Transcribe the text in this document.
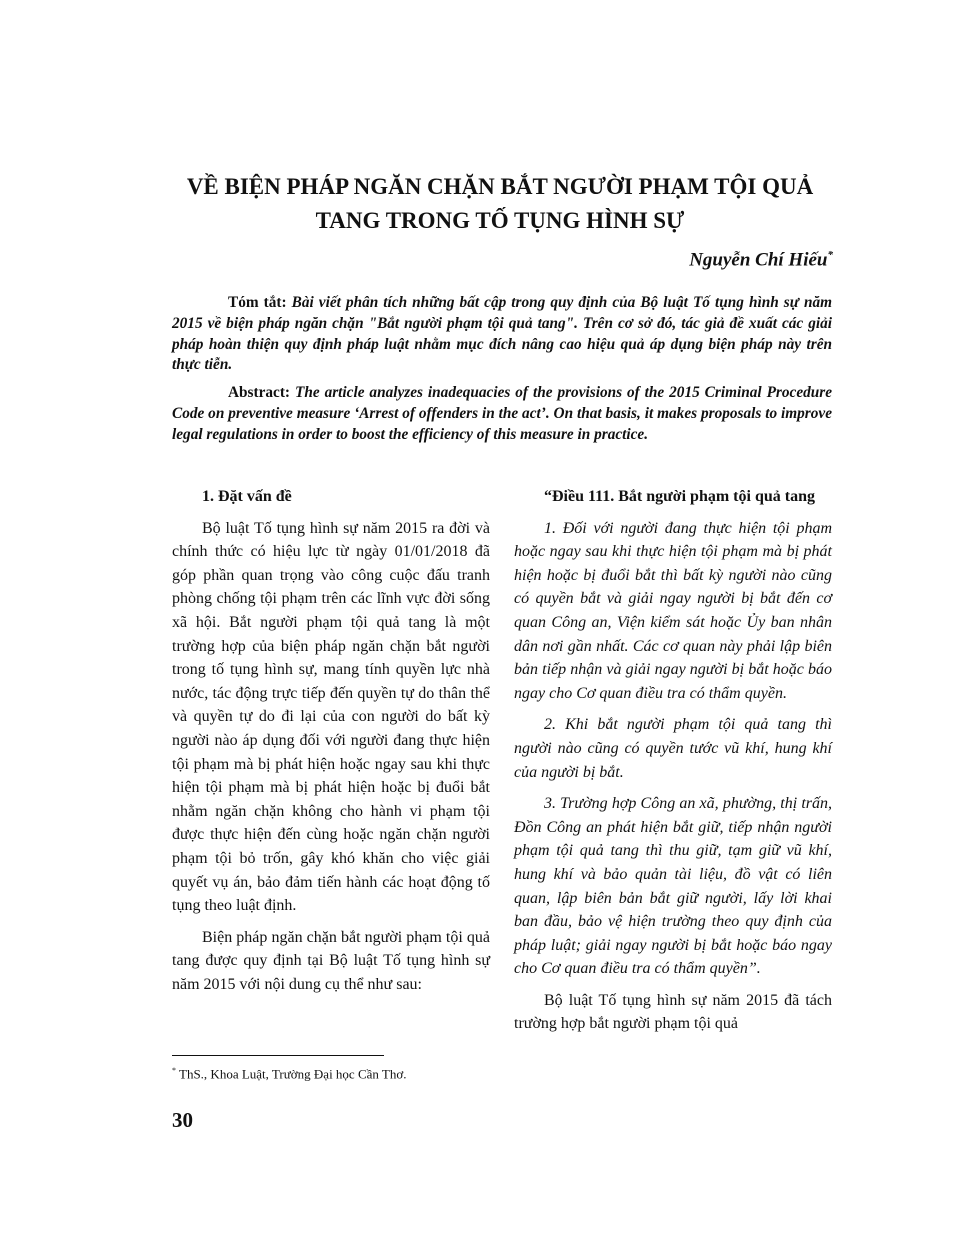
VỀ BIỆN PHÁP NGĂN CHẶN BẮT NGƯỜI PHẠM TỘI QUẢ
TANG TRONG TỐ TỤNG HÌNH SỰ
Nguyễn Chí Hiếu*

Tóm tắt: Bài viết phân tích những bất cập trong quy định của Bộ luật Tố tụng hình sự năm 2015 về biện pháp ngăn chặn "Bắt người phạm tội quả tang". Trên cơ sở đó, tác giả đề xuất các giải pháp hoàn thiện quy định pháp luật nhằm mục đích nâng cao hiệu quả áp dụng biện pháp này trên thực tiễn.

Abstract: The article analyzes inadequacies of the provisions of the 2015 Criminal Procedure Code on preventive measure ‘Arrest of offenders in the act’. On that basis, it makes proposals to improve legal regulations in order to boost the efficiency of this measure in practice.

1. Đặt vấn đề

Bộ luật Tố tụng hình sự năm 2015 ra đời và chính thức có hiệu lực từ ngày 01/01/2018 đã góp phần quan trọng vào công cuộc đấu tranh phòng chống tội phạm trên các lĩnh vực đời sống xã hội. Bắt người phạm tội quả tang là một trường hợp của biện pháp ngăn chặn bắt người trong tố tụng hình sự, mang tính quyền lực nhà nước, tác động trực tiếp đến quyền tự do thân thể và quyền tự do đi lại của con người do bất kỳ người nào áp dụng đối với người đang thực hiện tội phạm mà bị phát hiện hoặc ngay sau khi thực hiện tội phạm mà bị phát hiện hoặc bị đuổi bắt nhằm ngăn chặn không cho hành vi phạm tội được thực hiện đến cùng hoặc ngăn chặn người phạm tội bỏ trốn, gây khó khăn cho việc giải quyết vụ án, bảo đảm tiến hành các hoạt động tố tụng theo luật định.

Biện pháp ngăn chặn bắt người phạm tội quả tang được quy định tại Bộ luật Tố tụng hình sự năm 2015 với nội dung cụ thể như sau:

“Điều 111. Bắt người phạm tội quả tang

1. Đối với người đang thực hiện tội phạm hoặc ngay sau khi thực hiện tội phạm mà bị phát hiện hoặc bị đuổi bắt thì bất kỳ người nào cũng có quyền bắt và giải ngay người bị bắt đến cơ quan Công an, Viện kiểm sát hoặc Ủy ban nhân dân nơi gần nhất. Các cơ quan này phải lập biên bản tiếp nhận và giải ngay người bị bắt hoặc báo ngay cho Cơ quan điều tra có thẩm quyền.

2. Khi bắt người phạm tội quả tang thì người nào cũng có quyền tước vũ khí, hung khí của người bị bắt.

3. Trường hợp Công an xã, phường, thị trấn, Đồn Công an phát hiện bắt giữ, tiếp nhận người phạm tội quả tang thì thu giữ, tạm giữ vũ khí, hung khí và bảo quản tài liệu, đồ vật có liên quan, lập biên bản bắt giữ người, lấy lời khai ban đầu, bảo vệ hiện trường theo quy định của pháp luật; giải ngay người bị bắt hoặc báo ngay cho Cơ quan điều tra có thẩm quyền”.

Bộ luật Tố tụng hình sự năm 2015 đã tách trường hợp bắt người phạm tội quả

* ThS., Khoa Luật, Trường Đại học Cần Thơ.
30
